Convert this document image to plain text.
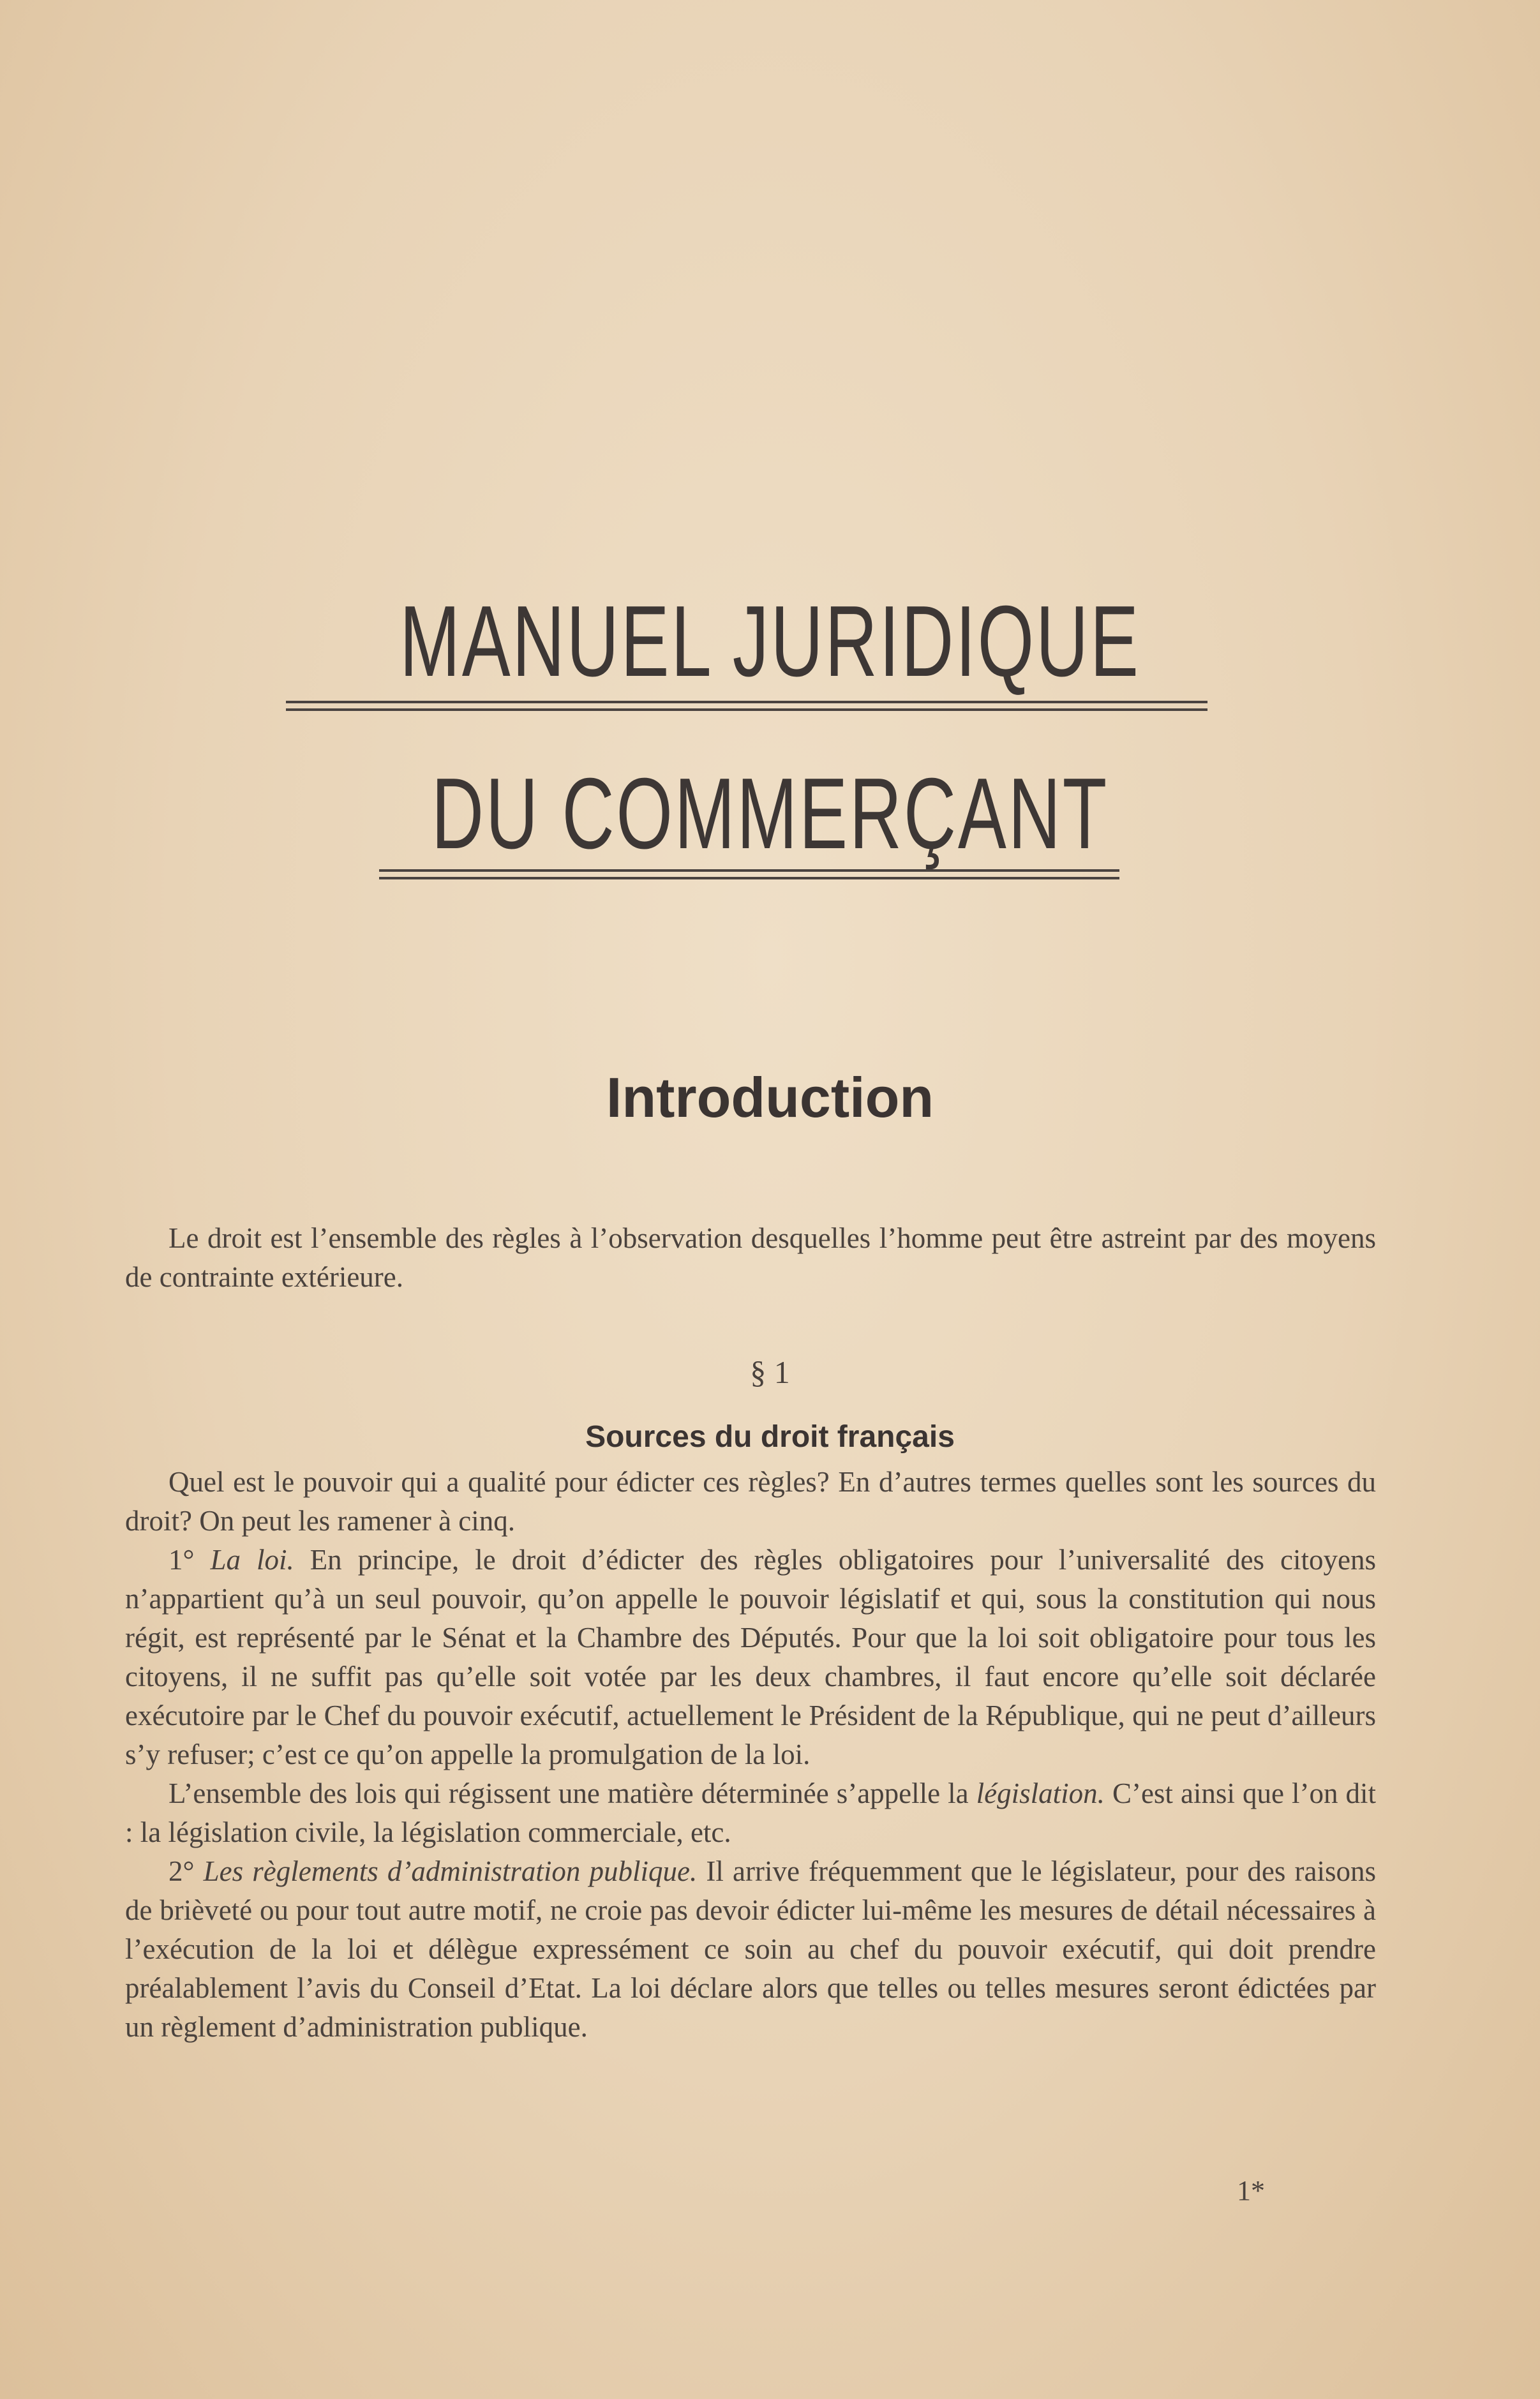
MANUEL JURIDIQUE
DU COMMERÇANT
Introduction

Le droit est l’ensemble des règles à l’observation desquelles l’homme peut être astreint par des moyens de contrainte extérieure.

§ 1
Sources du droit français

Quel est le pouvoir qui a qualité pour édicter ces règles? En d’autres termes quelles sont les sources du droit? On peut les ramener à cinq.

1° La loi. En principe, le droit d’édicter des règles obligatoires pour l’universalité des citoyens n’appartient qu’à un seul pouvoir, qu’on appelle le pouvoir législatif et qui, sous la constitution qui nous régit, est représenté par le Sénat et la Chambre des Députés. Pour que la loi soit obligatoire pour tous les citoyens, il ne suffit pas qu’elle soit votée par les deux chambres, il faut encore qu’elle soit déclarée exécutoire par le Chef du pouvoir exécutif, actuellement le Président de la République, qui ne peut d’ailleurs s’y refuser; c’est ce qu’on appelle la promulgation de la loi.

L’ensemble des lois qui régissent une matière déterminée s’appelle la législation. C’est ainsi que l’on dit : la législation civile, la législation commerciale, etc.

2° Les règlements d’administration publique. Il arrive fréquemment que le législateur, pour des raisons de brièveté ou pour tout autre motif, ne croie pas devoir édicter lui-même les mesures de détail nécessaires à l’exécution de la loi et délègue expressément ce soin au chef du pouvoir exécutif, qui doit prendre préalablement l’avis du Conseil d’Etat. La loi déclare alors que telles ou telles mesures seront édictées par un règlement d’administration publique.

1*
